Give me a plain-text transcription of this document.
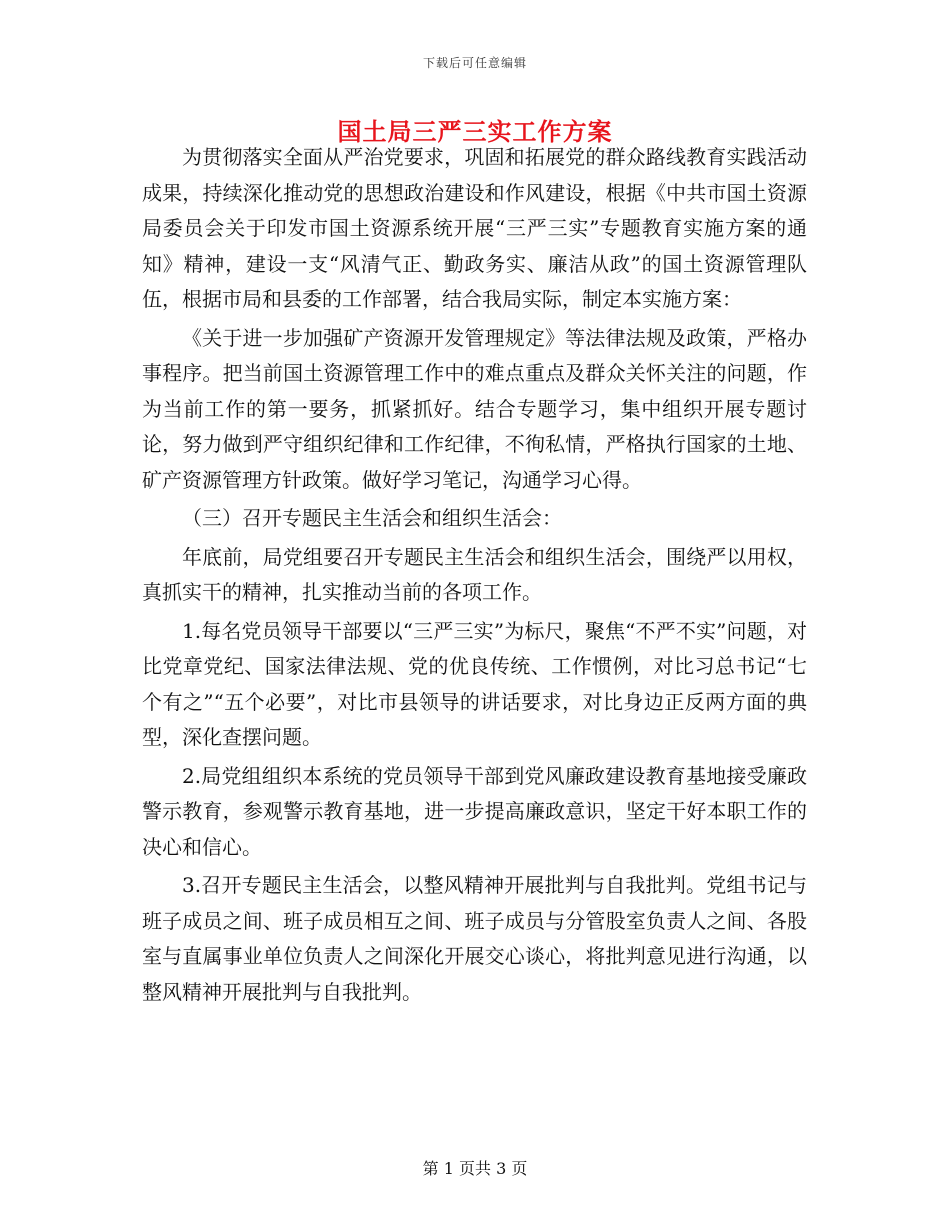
下载后可任意编辑
国土局三严三实工作方案

为贯彻落实全面从严治党要求，巩固和拓展党的群众路线教育实践活动成果，持续深化推动党的思想政治建设和作风建设，根据《中共市国土资源局委员会关于印发市国土资源系统开展“三严三实”专题教育实施方案的通知》精神，建设一支“风清气正、勤政务实、廉洁从政”的国土资源管理队伍，根据市局和县委的工作部署，结合我局实际，制定本实施方案：

《关于进一步加强矿产资源开发管理规定》等法律法规及政策，严格办事程序。把当前国土资源管理工作中的难点重点及群众关怀关注的问题，作为当前工作的第一要务，抓紧抓好。结合专题学习，集中组织开展专题讨论，努力做到严守组织纪律和工作纪律，不徇私情，严格执行国家的土地、矿产资源管理方针政策。做好学习笔记，沟通学习心得。

（三）召开专题民主生活会和组织生活会：

年底前，局党组要召开专题民主生活会和组织生活会，围绕严以用权，真抓实干的精神，扎实推动当前的各项工作。

1.每名党员领导干部要以“三严三实”为标尺，聚焦“不严不实”问题，对比党章党纪、国家法律法规、党的优良传统、工作惯例，对比习总书记“七个有之”“五个必要”，对比市县领导的讲话要求，对比身边正反两方面的典型，深化查摆问题。

2.局党组组织本系统的党员领导干部到党风廉政建设教育基地接受廉政警示教育，参观警示教育基地，进一步提高廉政意识，坚定干好本职工作的决心和信心。

3.召开专题民主生活会，以整风精神开展批判与自我批判。党组书记与班子成员之间、班子成员相互之间、班子成员与分管股室负责人之间、各股室与直属事业单位负责人之间深化开展交心谈心，将批判意见进行沟通，以整风精神开展批判与自我批判。

第 1 页共 3 页
